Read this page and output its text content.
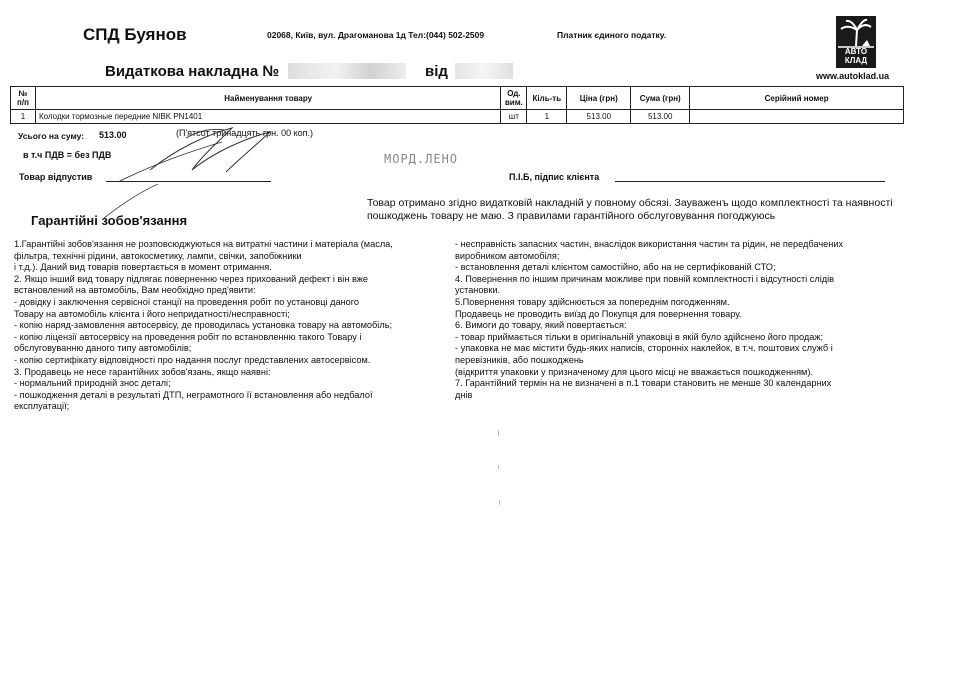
СПД Буянов	02068, Київ, вул. Драгоманова 1д Тел:(044) 502-2509	Платник єдиного податку.
АВТО КЛАД
www.autoklad.ua
Видаткова накладна №	від
№ п/п	Найменування товару	Од. вим.	Кіль-ть	Ціна (грн)	Сума (грн)	Серійний номер
1	Колодки тормозные передние NIBK PN1401	шт	1	513.00	513.00	
Усього на суму: 513.00	(П'ятсот тринадцять грн. 00 коп.)
в т.ч ПДВ = без ПДВ
Товар відпустив
МОРД.ЛЕНО
П.І.Б, підпис клієнта
Товар отримано згідно видатковій накладній у повному обсязі. Зауваженъ щодо комплектності та наявності пошкоджень товару не маю. З правилами гарантійного обслуговування погоджуюсь
Гарантійні зобов'язання
1.Гарантійні зобов'язання не розповсюджуються на витратні частини і матеріала (масла,
фільтра, технічні рідини, автокосметику, лампи, свічки, запобіжники
і т.д.). Даний вид товарів повертається в момент отримання.
2. Якщо інший вид товару підлягає поверненню через прихований дефект і він вже
встановлений на автомобіль, Вам необхідно пред'явити:
- довідку і заключення сервісної станції на проведення робіт по установці даного
Товару на автомобіль клієнта і його непридатності/несправності;
- копію наряд-замовлення автосервісу, де проводилась установка товару на автомобіль;
- копію ліцензії автосервісу на проведення робіт по встановленню такого Товару і
обслуговуванню даного типу автомобілів;
- копію сертифікату відповідності про надання послуг представлених автосервісом.
3. Продавець не несе гарантійних зобов'язань, якщо наявні:
- нормальний природній знос деталі;
- пошкодження деталі в результаті ДТП, неграмотного її встановлення або недбалої
експлуатації;
- несправність запасних частин, внаслідок використання частин та рідин, не передбачених
виробником автомобіля;
- встановлення деталі клієнтом самостійно, або на не сертифікованій СТО;
4. Повернення по іншим причинам можливе при повній комплектності і відсутності слідів
установки.
5.Повернення товару здійснюється за попереднім погодженням.
Продавець не проводить виїзд до Покупця для повернення товару.
6. Вимоги до товару, який повертається:
- товар приймається тільки в оригінальній упаковці в якій було здійснено його продаж;
- упаковка не має містити будь-яких написів, сторонніх наклейок, в т.ч. поштових служб і
перевізників, або пошкоджень
(відкриття упаковки у призначеному для цього місці не вважається пошкодженням).
7. Гарантійний термін на не визначені в п.1 товари становить не менше 30 календарних
днів
